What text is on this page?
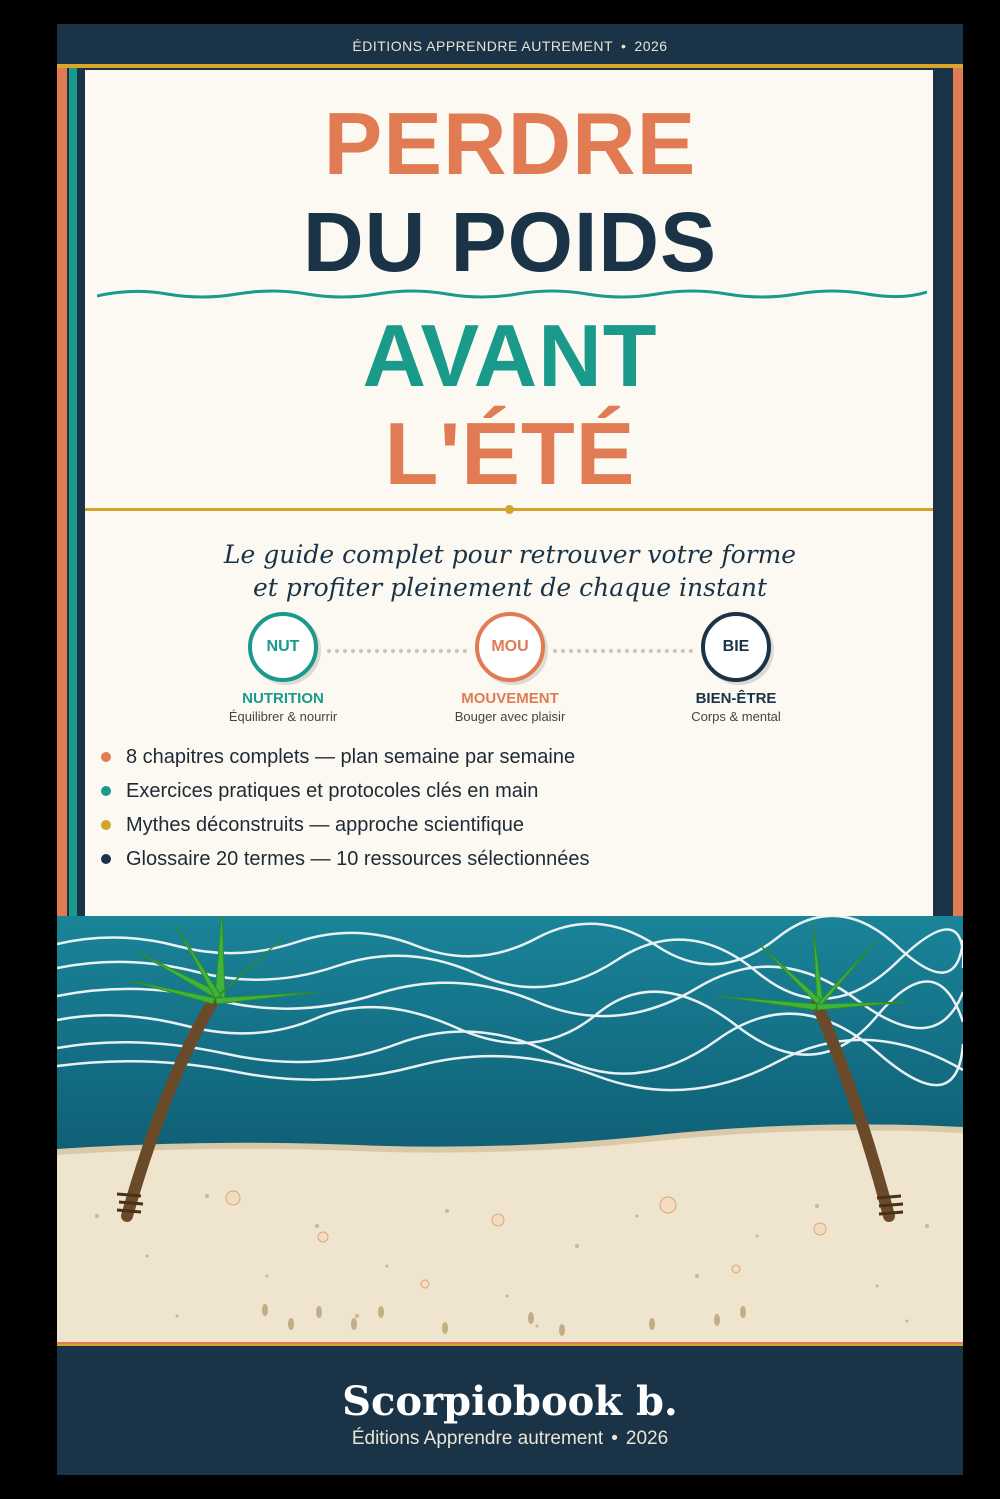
ÉDITIONS APPRENDRE AUTREMENT • 2026
PERDRE
DU POIDS
AVANT
L'ÉTÉ
Le guide complet pour retrouver votre forme
et profiter pleinement de chaque instant
NUT
NUTRITION
Équilibrer & nourrir
MOU
MOUVEMENT
Bouger avec plaisir
BIE
BIEN-ÊTRE
Corps & mental
8 chapitres complets — plan semaine par semaine
Exercices pratiques et protocoles clés en main
Mythes déconstruits — approche scientifique
Glossaire 20 termes — 10 ressources sélectionnées
Scorpiobook b.
Éditions Apprendre autrement • 2026
